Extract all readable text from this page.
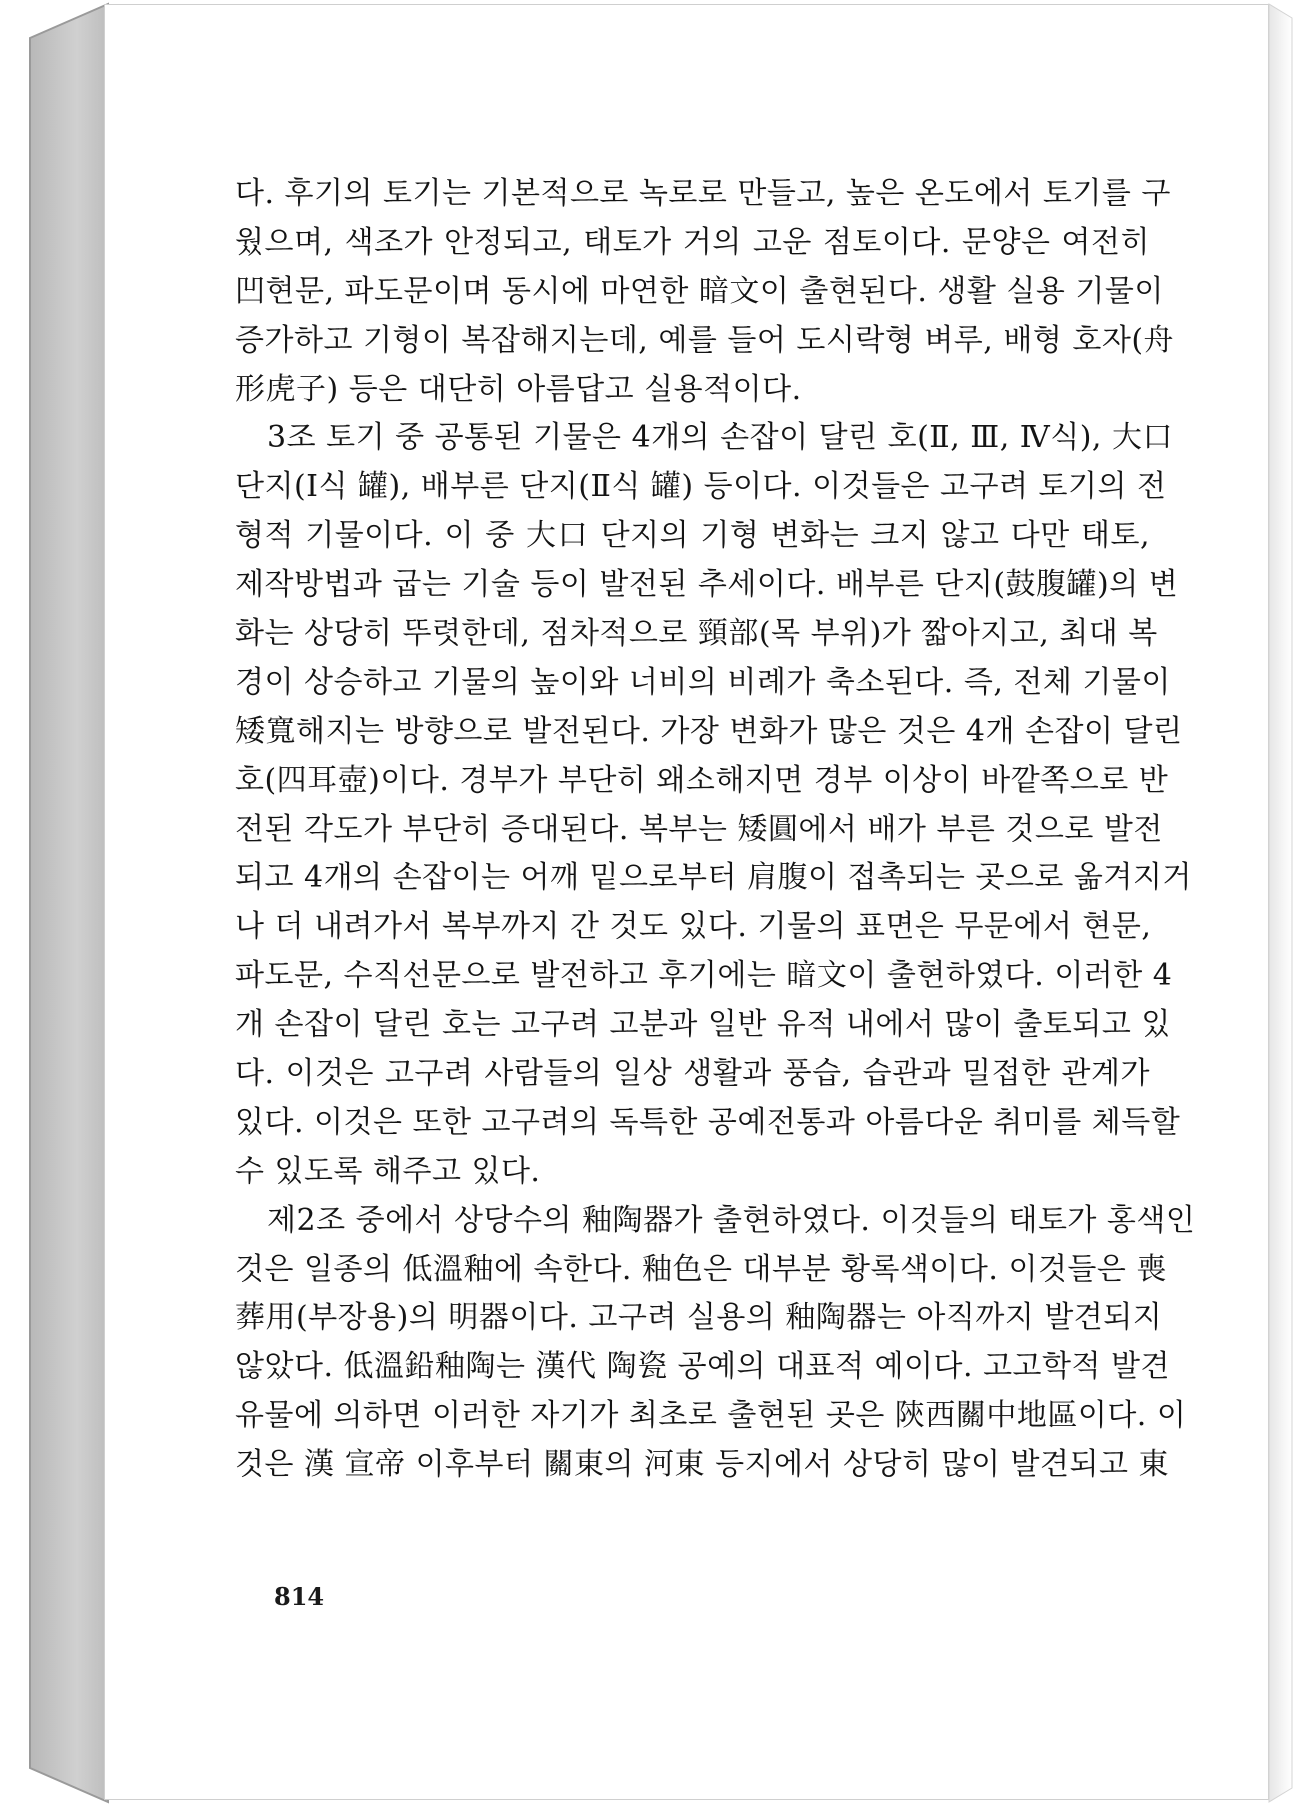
다. 후기의 토기는 기본적으로 녹로로 만들고, 높은 온도에서 토기를 구
웠으며, 색조가 안정되고, 태토가 거의 고운 점토이다. 문양은 여전히
凹현문, 파도문이며 동시에 마연한 暗文이 출현된다. 생활 실용 기물이
증가하고 기형이 복잡해지는데, 예를 들어 도시락형 벼루, 배형 호자(舟
形虎子) 등은 대단히 아름답고 실용적이다.
3조 토기 중 공통된 기물은 4개의 손잡이 달린 호(Ⅱ, Ⅲ, Ⅳ식), 大口
단지(Ⅰ식 罐), 배부른 단지(Ⅱ식 罐) 등이다. 이것들은 고구려 토기의 전
형적 기물이다. 이 중 大口 단지의 기형 변화는 크지 않고 다만 태토,
제작방법과 굽는 기술 등이 발전된 추세이다. 배부른 단지(鼓腹罐)의 변
화는 상당히 뚜렷한데, 점차적으로 頸部(목 부위)가 짧아지고, 최대 복
경이 상승하고 기물의 높이와 너비의 비례가 축소된다. 즉, 전체 기물이
矮寬해지는 방향으로 발전된다. 가장 변화가 많은 것은 4개 손잡이 달린
호(四耳壺)이다. 경부가 부단히 왜소해지면 경부 이상이 바깥쪽으로 반
전된 각도가 부단히 증대된다. 복부는 矮圓에서 배가 부른 것으로 발전
되고 4개의 손잡이는 어깨 밑으로부터 肩腹이 접촉되는 곳으로 옮겨지거
나 더 내려가서 복부까지 간 것도 있다. 기물의 표면은 무문에서 현문,
파도문, 수직선문으로 발전하고 후기에는 暗文이 출현하였다. 이러한 4
개 손잡이 달린 호는 고구려 고분과 일반 유적 내에서 많이 출토되고 있
다. 이것은 고구려 사람들의 일상 생활과 풍습, 습관과 밀접한 관계가
있다. 이것은 또한 고구려의 독특한 공예전통과 아름다운 취미를 체득할
수 있도록 해주고 있다.
제2조 중에서 상당수의 釉陶器가 출현하였다. 이것들의 태토가 홍색인
것은 일종의 低溫釉에 속한다. 釉色은 대부분 황록색이다. 이것들은 喪
葬用(부장용)의 明器이다. 고구려 실용의 釉陶器는 아직까지 발견되지
않았다. 低溫鉛釉陶는 漢代 陶瓷 공예의 대표적 예이다. 고고학적 발견
유물에 의하면 이러한 자기가 최초로 출현된 곳은 陝西關中地區이다. 이
것은 漢 宣帝 이후부터 關東의 河東 등지에서 상당히 많이 발견되고 東
814
